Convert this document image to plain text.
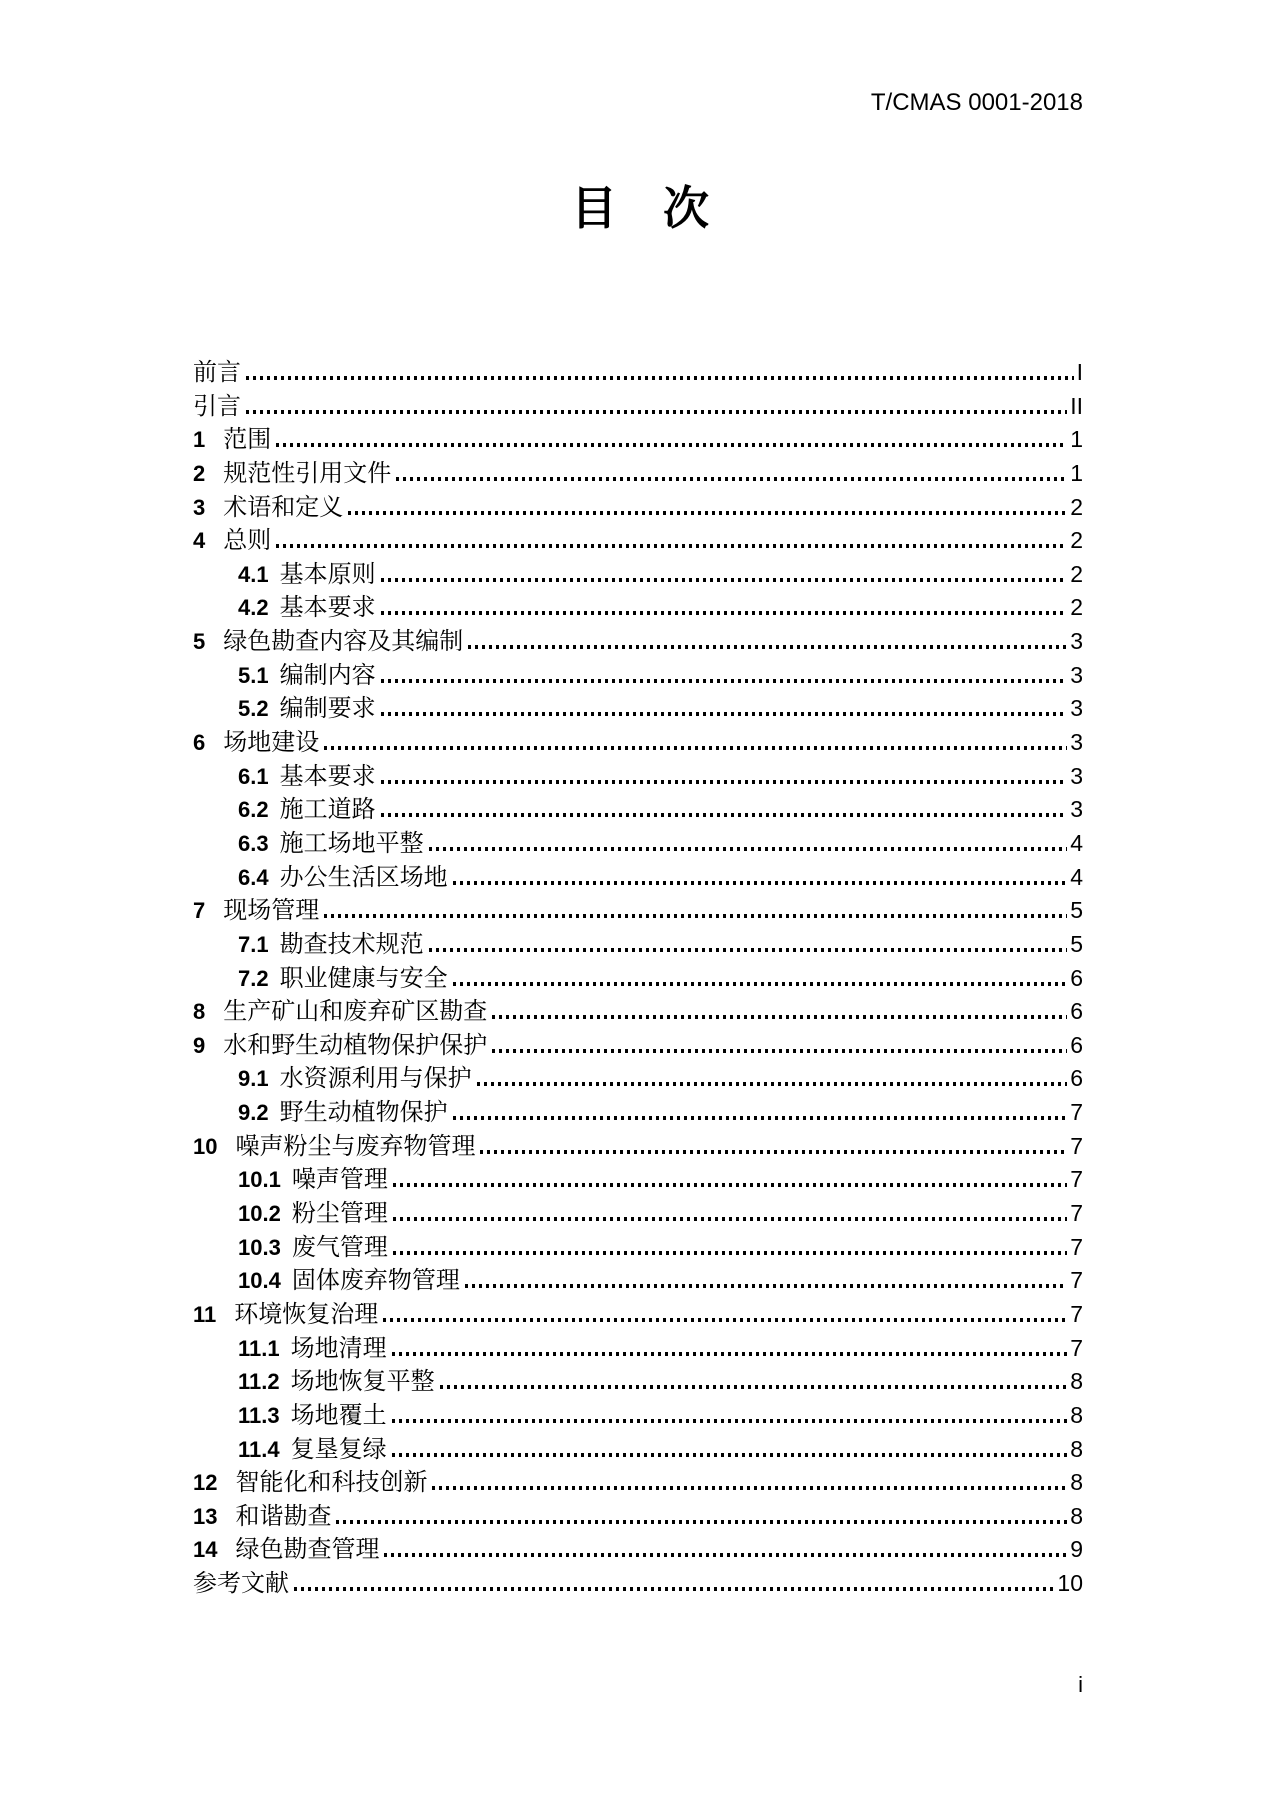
T/CMAS 0001-2018
目　次
前言	I
引言	II
1 范围	1
2 规范性引用文件	1
3 术语和定义	2
4 总则	2
4.1 基本原则	2
4.2 基本要求	2
5 绿色勘查内容及其编制	3
5.1 编制内容	3
5.2 编制要求	3
6 场地建设	3
6.1 基本要求	3
6.2 施工道路	3
6.3 施工场地平整	4
6.4 办公生活区场地	4
7 现场管理	5
7.1 勘查技术规范	5
7.2 职业健康与安全	6
8 生产矿山和废弃矿区勘查	6
9 水和野生动植物保护保护	6
9.1 水资源利用与保护	6
9.2 野生动植物保护	7
10 噪声粉尘与废弃物管理	7
10.1 噪声管理	7
10.2 粉尘管理	7
10.3 废气管理	7
10.4 固体废弃物管理	7
11 环境恢复治理	7
11.1 场地清理	7
11.2 场地恢复平整	8
11.3 场地覆土	8
11.4 复垦复绿	8
12 智能化和科技创新	8
13 和谐勘查	8
14 绿色勘查管理	9
参考文献	10
i
